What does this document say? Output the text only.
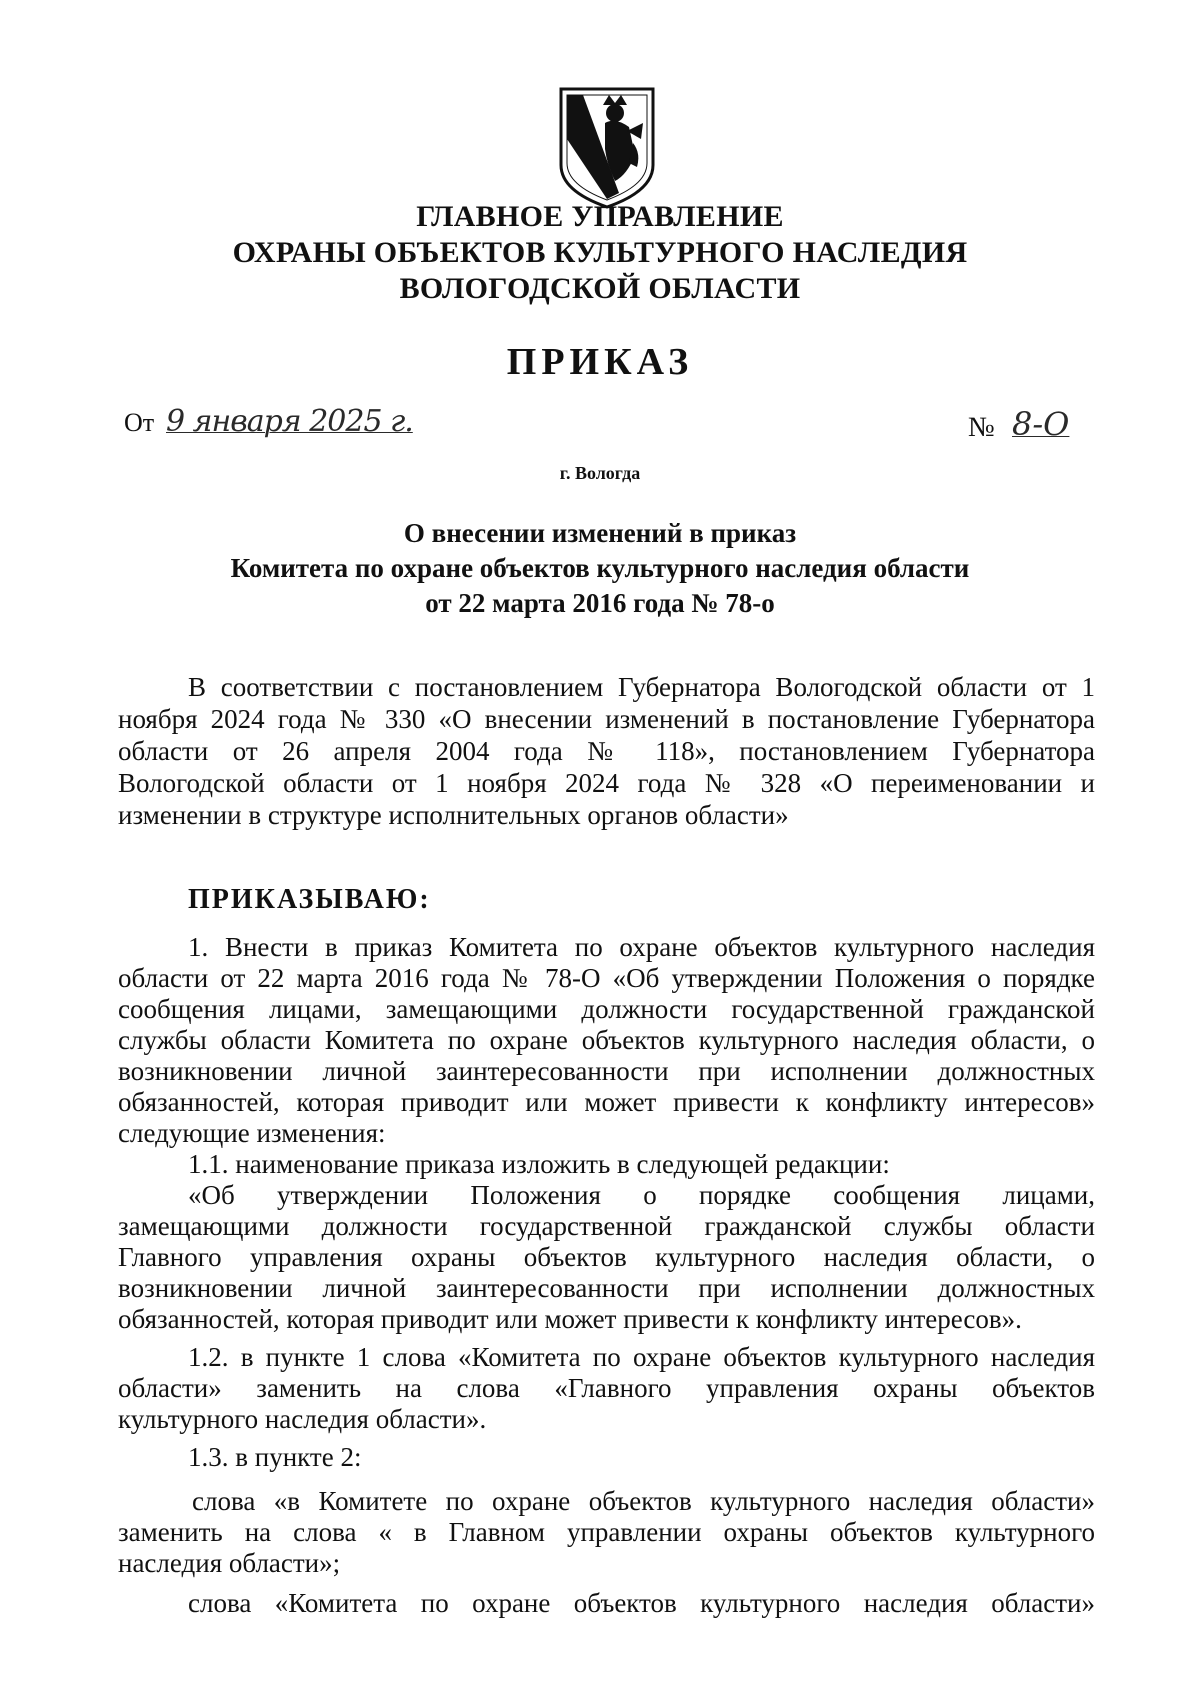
ГЛАВНОЕ УПРАВЛЕНИЕ
ОХРАНЫ ОБЪЕКТОВ КУЛЬТУРНОГО НАСЛЕДИЯ
ВОЛОГОДСКОЙ ОБЛАСТИ
ПРИКАЗ
От 9 января 2025 г.	№ 8-О
г. Вологда
О внесении изменений в приказ
Комитета по охране объектов культурного наследия области
от 22 марта 2016 года № 78-о
В соответствии с постановлением Губернатора Вологодской области от 1
ноября 2024 года № 330 «О внесении изменений в постановление Губернатора
области от 26 апреля 2004 года № 118», постановлением Губернатора
Вологодской области от 1 ноября 2024 года № 328 «О переименовании и
изменении в структуре исполнительных органов области»
ПРИКАЗЫВАЮ:
1. Внести в приказ Комитета по охране объектов культурного наследия
области от 22 марта 2016 года № 78-О «Об утверждении Положения о порядке
сообщения лицами, замещающими должности государственной гражданской
службы области Комитета по охране объектов культурного наследия области, о
возникновении личной заинтересованности при исполнении должностных
обязанностей, которая приводит или может привести к конфликту интересов»
следующие изменения:
1.1. наименование приказа изложить в следующей редакции:
«Об утверждении Положения о порядке сообщения лицами,
замещающими должности государственной гражданской службы области
Главного управления охраны объектов культурного наследия области, о
возникновении личной заинтересованности при исполнении должностных
обязанностей, которая приводит или может привести к конфликту интересов».
1.2. в пункте 1 слова «Комитета по охране объектов культурного наследия
области» заменить на слова «Главного управления охраны объектов
культурного наследия области».
1.3. в пункте 2:
слова «в Комитете по охране объектов культурного наследия области»
заменить на слова « в Главном управлении охраны объектов культурного
наследия области»;
слова «Комитета по охране объектов культурного наследия области»
